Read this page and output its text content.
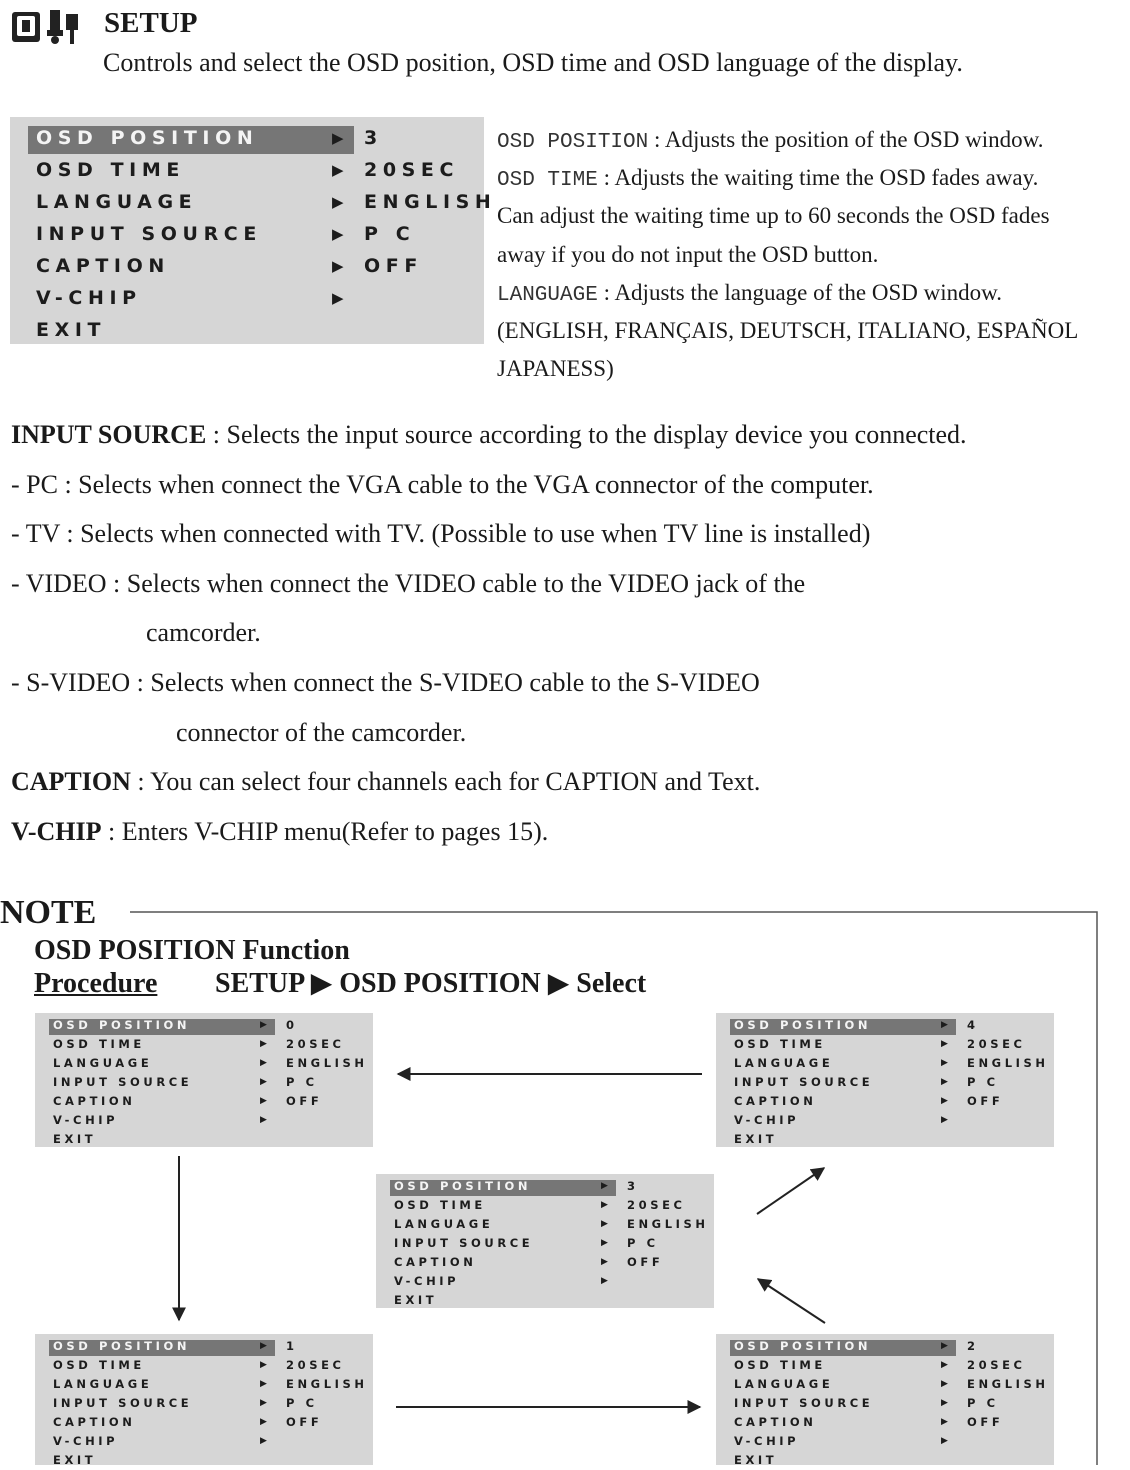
SETUP
Controls and select the OSD position, OSD time and OSD language of the display.
OSD POSITION	▶ 3
OSD TIME	▶ 20SEC
LANGUAGE	▶ ENGLISH
INPUT SOURCE	▶ P C
CAPTION	▶ OFF
V-CHIP	▶
EXIT
OSD POSITION : Adjusts the position of the OSD window.
OSD TIME : Adjusts the waiting time the OSD fades away.
Can adjust the waiting time up to 60 seconds the OSD fades
away if you do not input the OSD button.
LANGUAGE : Adjusts the language of the OSD window.
(ENGLISH, FRANÇAIS, DEUTSCH, ITALIANO, ESPAÑOL
JAPANESS)
INPUT SOURCE : Selects the input source according to the display device you connected.
- PC : Selects when connect the VGA cable to the VGA connector of the computer.
- TV : Selects when connected with TV. (Possible to use when TV line is installed)
- VIDEO : Selects when connect the VIDEO cable to the VIDEO jack of the
camcorder.
- S-VIDEO : Selects when connect the S-VIDEO cable to the S-VIDEO
connector of the camcorder.
CAPTION : You can select four channels each for CAPTION and Text.
V-CHIP : Enters V-CHIP menu(Refer to pages 15).
NOTE
OSD POSITION Function
Procedure SETUP ▶ OSD POSITION ▶ Select
OSD POSITION	▶ 0
OSD TIME	▶ 20SEC
LANGUAGE	▶ ENGLISH
INPUT SOURCE	▶ P C
CAPTION	▶ OFF
V-CHIP	▶
EXIT
OSD POSITION	▶ 4
OSD TIME	▶ 20SEC
LANGUAGE	▶ ENGLISH
INPUT SOURCE	▶ P C
CAPTION	▶ OFF
V-CHIP	▶
EXIT
OSD POSITION	▶ 3
OSD TIME	▶ 20SEC
LANGUAGE	▶ ENGLISH
INPUT SOURCE	▶ P C
CAPTION	▶ OFF
V-CHIP	▶
EXIT
OSD POSITION	▶ 1
OSD TIME	▶ 20SEC
LANGUAGE	▶ ENGLISH
INPUT SOURCE	▶ P C
CAPTION	▶ OFF
V-CHIP	▶
EXIT
OSD POSITION	▶ 2
OSD TIME	▶ 20SEC
LANGUAGE	▶ ENGLISH
INPUT SOURCE	▶ P C
CAPTION	▶ OFF
V-CHIP	▶
EXIT
